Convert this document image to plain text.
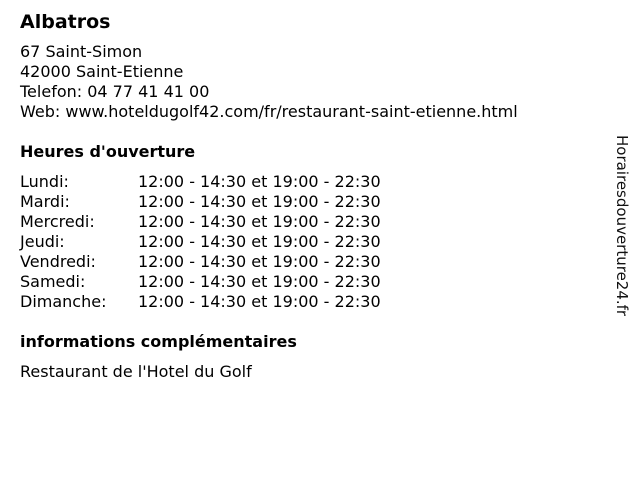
Albatros
67 Saint-Simon
42000 Saint-Etienne
Telefon: 04 77 41 41 00
Web: www.hoteldugolf42.com/fr/restaurant-saint-etienne.html
Heures d'ouverture
Lundi:	12:00 - 14:30 et 19:00 - 22:30
Mardi:	12:00 - 14:30 et 19:00 - 22:30
Mercredi:	12:00 - 14:30 et 19:00 - 22:30
Jeudi:	12:00 - 14:30 et 19:00 - 22:30
Vendredi:	12:00 - 14:30 et 19:00 - 22:30
Samedi:	12:00 - 14:30 et 19:00 - 22:30
Dimanche:	12:00 - 14:30 et 19:00 - 22:30
informations complémentaires
Restaurant de l'Hotel du Golf
Horairesdouverture24.fr
